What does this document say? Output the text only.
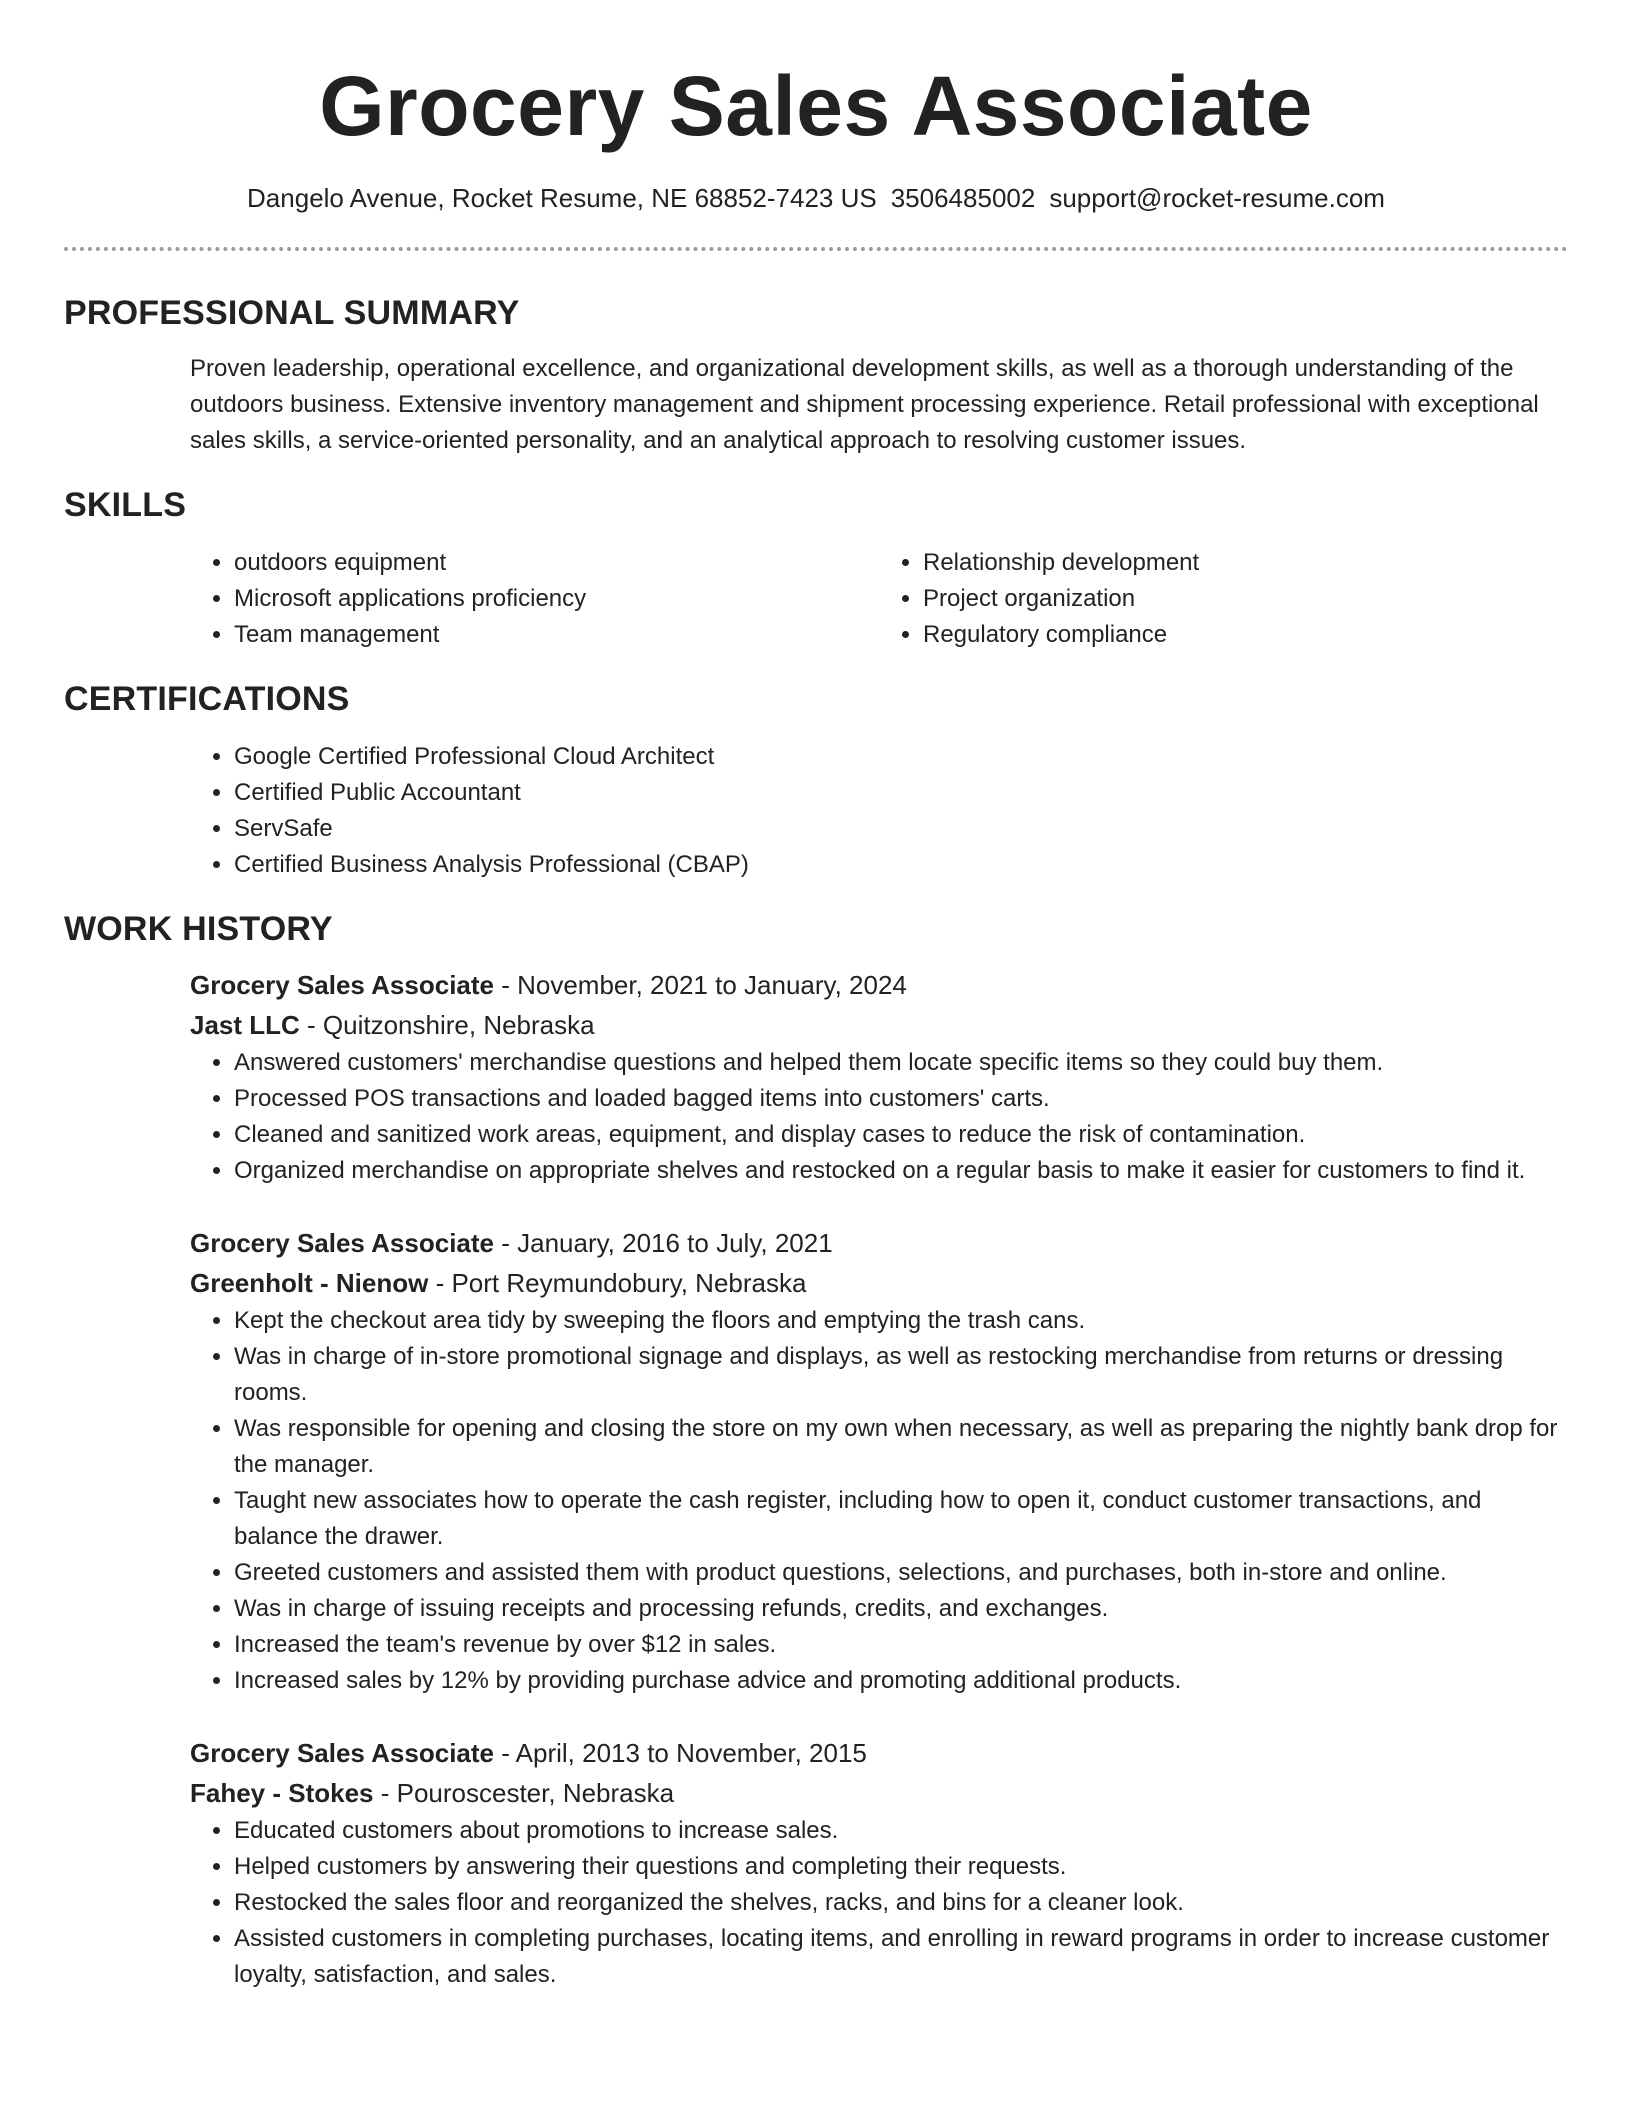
Grocery Sales Associate
Dangelo Avenue, Rocket Resume, NE 68852-7423 US 3506485002 support@rocket-resume.com
PROFESSIONAL SUMMARY

Proven leadership, operational excellence, and organizational development skills, as well as a thorough understanding of the outdoors business. Extensive inventory management and shipment processing experience. Retail professional with exceptional sales skills, a service-oriented personality, and an analytical approach to resolving customer issues.

SKILLS
• outdoors equipment
• Microsoft applications proficiency
• Team management
• Relationship development
• Project organization
• Regulatory compliance
CERTIFICATIONS
• Google Certified Professional Cloud Architect
• Certified Public Accountant
• ServSafe
• Certified Business Analysis Professional (CBAP)
WORK HISTORY
Grocery Sales Associate - November, 2021 to January, 2024
Jast LLC - Quitzonshire, Nebraska
• Answered customers' merchandise questions and helped them locate specific items so they could buy them.
• Processed POS transactions and loaded bagged items into customers' carts.
• Cleaned and sanitized work areas, equipment, and display cases to reduce the risk of contamination.
• Organized merchandise on appropriate shelves and restocked on a regular basis to make it easier for customers to find it.
Grocery Sales Associate - January, 2016 to July, 2021
Greenholt - Nienow - Port Reymundobury, Nebraska
• Kept the checkout area tidy by sweeping the floors and emptying the trash cans.
• Was in charge of in-store promotional signage and displays, as well as restocking merchandise from returns or dressing rooms.
• Was responsible for opening and closing the store on my own when necessary, as well as preparing the nightly bank drop for the manager.
• Taught new associates how to operate the cash register, including how to open it, conduct customer transactions, and balance the drawer.
• Greeted customers and assisted them with product questions, selections, and purchases, both in-store and online.
• Was in charge of issuing receipts and processing refunds, credits, and exchanges.
• Increased the team's revenue by over $12 in sales.
• Increased sales by 12% by providing purchase advice and promoting additional products.
Grocery Sales Associate - April, 2013 to November, 2015
Fahey - Stokes - Pouroscester, Nebraska
• Educated customers about promotions to increase sales.
• Helped customers by answering their questions and completing their requests.
• Restocked the sales floor and reorganized the shelves, racks, and bins for a cleaner look.
• Assisted customers in completing purchases, locating items, and enrolling in reward programs in order to increase customer loyalty, satisfaction, and sales.
